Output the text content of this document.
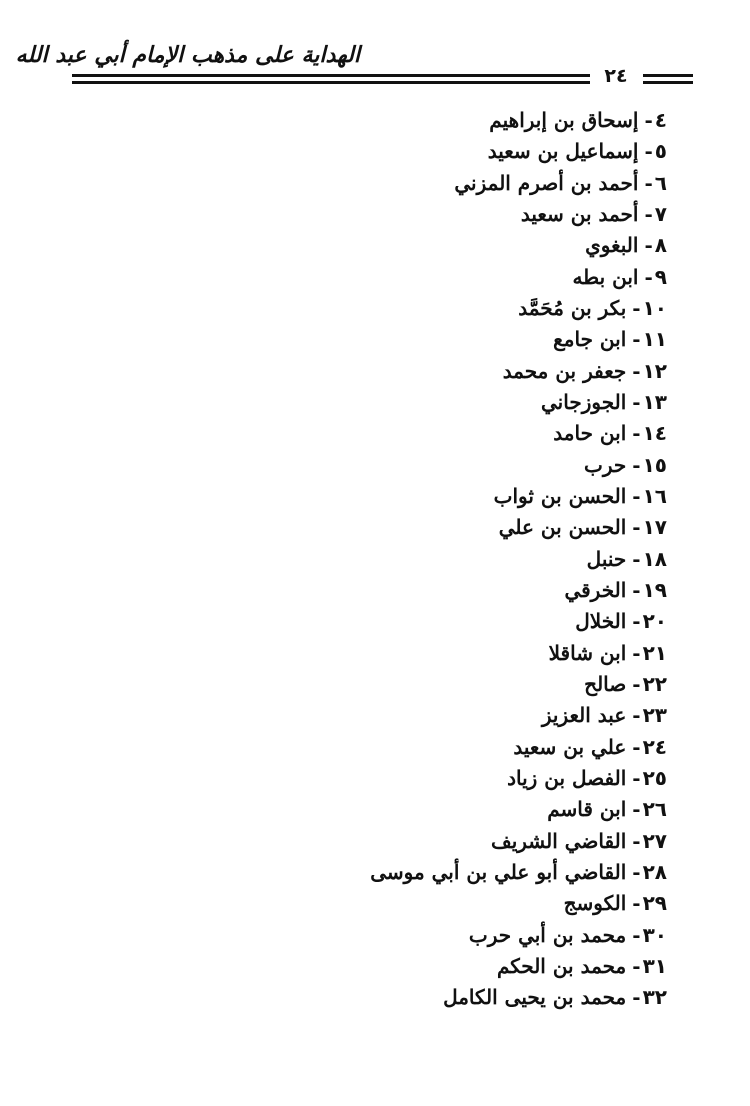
الهداية على مذهب الإمام أبي عبد الله
٢٤
٤-إسحاق بن إبراهيم
٥-إسماعيل بن سعيد
٦-أحمد بن أصرم المزني
٧-أحمد بن سعيد
٨-البغوي
٩-ابن بطه
١٠-بكر بن مُحَمَّد
١١-ابن جامع
١٢-جعفر بن محمد
١٣-الجوزجاني
١٤-ابن حامد
١٥-حرب
١٦-الحسن بن ثواب
١٧-الحسن بن علي
١٨-حنبل
١٩-الخرقي
٢٠-الخلال
٢١-ابن شاقلا
٢٢-صالح
٢٣-عبد العزيز
٢٤-علي بن سعيد
٢٥-الفصل بن زياد
٢٦-ابن قاسم
٢٧-القاضي الشريف
٢٨-القاضي أبو علي بن أبي موسى
٢٩-الكوسج
٣٠-محمد بن أبي حرب
٣١-محمد بن الحكم
٣٢-محمد بن يحيى الكامل
